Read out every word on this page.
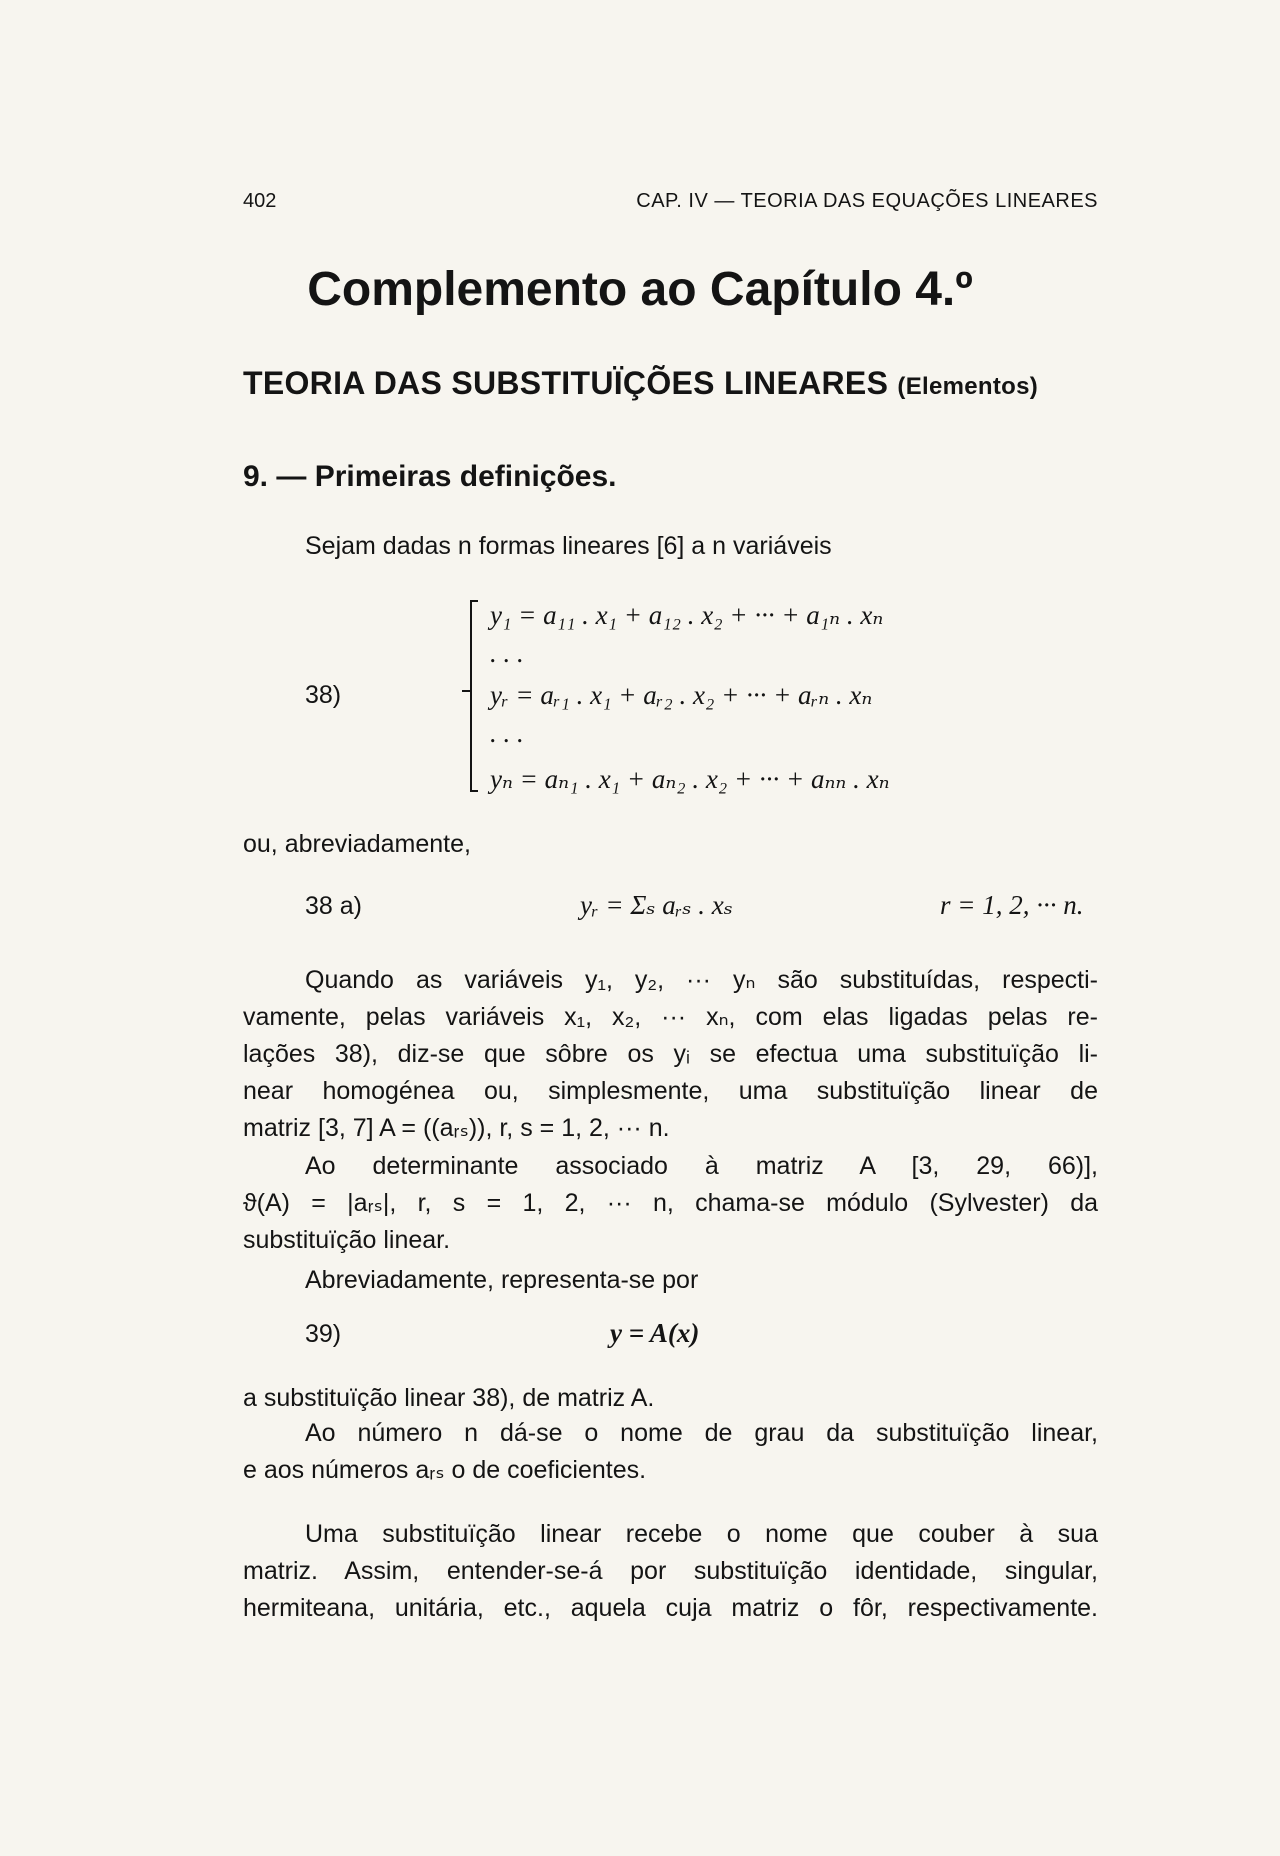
402	CAP. IV — TEORIA DAS EQUAÇÕES LINEARES
Complemento ao Capítulo 4.º
TEORIA DAS SUBSTITUÏÇÕES LINEARES (Elementos)
9. — Primeiras definições.
Sejam dadas n formas lineares [6] a n variáveis
38)
y₁ = a₁₁ . x₁ + a₁₂ . x₂ + ··· + a₁ₙ . xₙ
. . .
yᵣ = aᵣ₁ . x₁ + aᵣ₂ . x₂ + ··· + aᵣₙ . xₙ
. . .
yₙ = aₙ₁ . x₁ + aₙ₂ . x₂ + ··· + aₙₙ . xₙ
ou, abreviadamente,
38 a)	yᵣ = Σₛ aᵣₛ . xₛ	r = 1, 2, ··· n.
Quando as variáveis y₁, y₂, ··· yₙ são substituídas, respecti-
vamente, pelas variáveis x₁, x₂, ··· xₙ, com elas ligadas pelas re-
lações 38), diz-se que sôbre os yᵢ se efectua uma substituïção li-
near homogénea ou, simplesmente, uma substituïção linear de
matriz [3, 7] A = ((aᵣₛ)), r, s = 1, 2, ··· n.
Ao determinante associado à matriz A [3, 29, 66)],
ϑ(A) = |aᵣₛ|, r, s = 1, 2, ··· n, chama-se módulo (Sylvester) da
substituïção linear.
Abreviadamente, representa-se por
39)	y = A(x)
a substituïção linear 38), de matriz A.
Ao número n dá-se o nome de grau da substituïção linear,
e aos números aᵣₛ o de coeficientes.
Uma substituïção linear recebe o nome que couber à sua
matriz. Assim, entender-se-á por substituïção identidade, singular,
hermiteana, unitária, etc., aquela cuja matriz o fôr, respectivamente.
